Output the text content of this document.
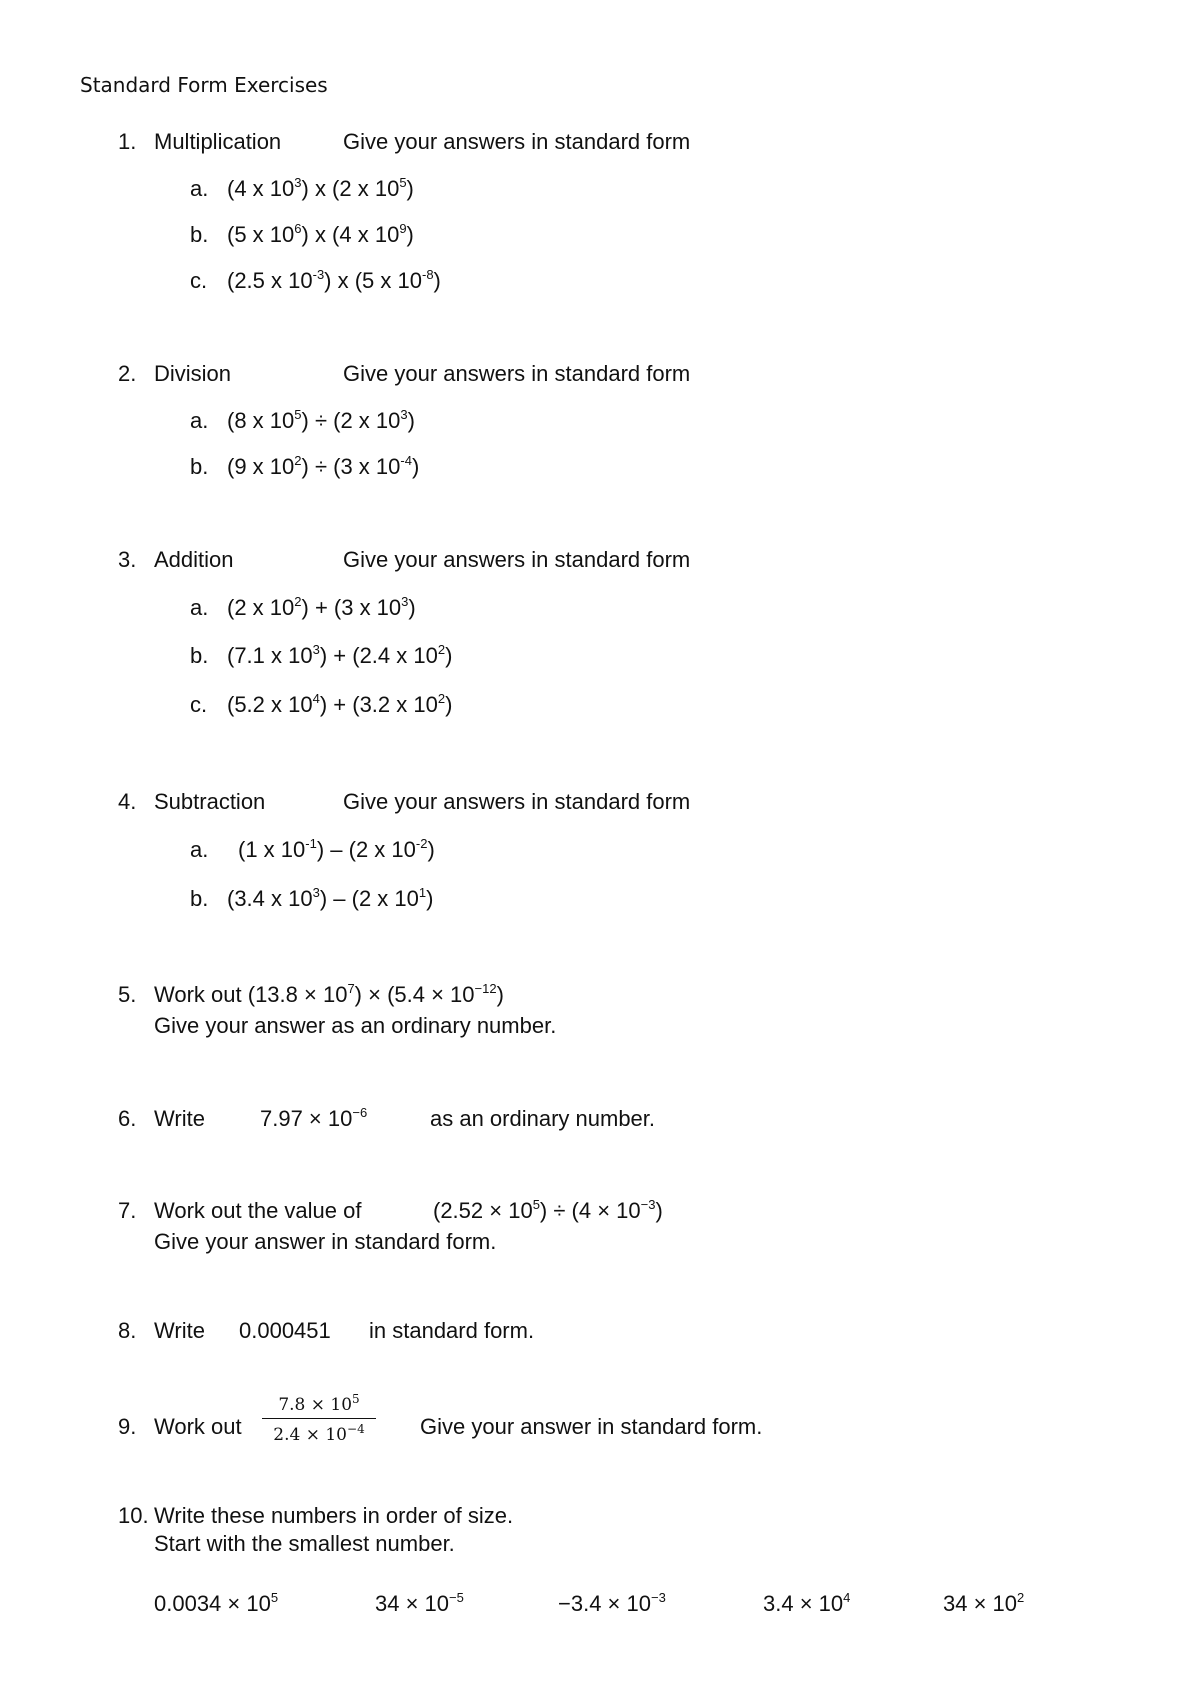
Standard Form Exercises
1. Multiplication	Give your answers in standard form
a. (4 x $10^3$) x (2 x $10^5$)
b. (5 x $10^6$) x (4 x $10^9$)
c. (2.5 x $10^{-3}$) x (5 x $10^{-8}$)
2. Division	Give your answers in standard form
a. (8 x $10^5) \div (2$ x $10^3$)
b. (9 x $10^2) \div (3$ x $10^{-4}$)
3. Addition	Give your answers in standard form
a. (2 x $10^2) + (3$ x $10^3$)
b. (7.1 x $10^3) + (2.4$ x $10^2$)
c. (5.2 x $10^4) + (3.2$ x $10^2$)
4. Subtraction	Give your answers in standard form
a. (1 x $10^{-1}) - (2$ x $10^{-2}$)
b. (3.4 x $10^3) - (2$ x $10^1$)
5. Work out $(13.8 \times 10^7) \times (5.4 \times 10^{-12})$
Give your answer as an ordinary number.
6. Write	$7.97 \times 10^{-6}$	as an ordinary number.
7. Work out the value of	$(2.52 \times 10^5) \div (4 \times 10^{-3})$
Give your answer in standard form.
8. Write 0.000451 in standard form.
9. Work out $\frac{7.8 \times 10^5}{2.4 \times 10^{-4}}$ Give your answer in standard form.
10. Write these numbers in order of size.
Start with the smallest number.
$0.0034 \times 10^5$	$34 \times 10^{-5}$	$-3.4 \times 10^{-3}$	$3.4 \times 10^4$	$34 \times 10^2$
